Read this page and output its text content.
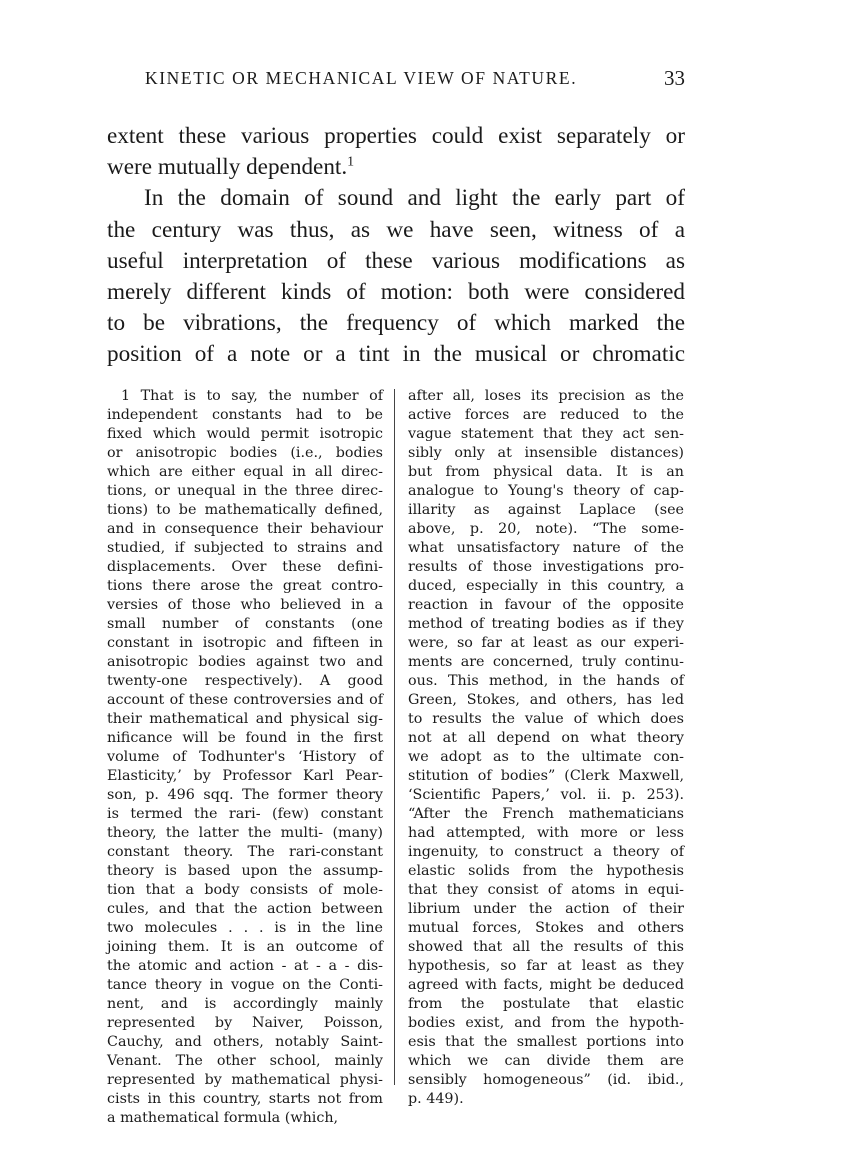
KINETIC OR MECHANICAL VIEW OF NATURE.	33
extent these various properties could exist separately or
were mutually dependent.$^1$
In the domain of sound and light the early part of
the century was thus, as we have seen, witness of a
useful interpretation of these various modifications as
merely different kinds of motion: both were considered
to be vibrations, the frequency of which marked the
position of a note or a tint in the musical or chromatic
1 That is to say, the number of
independent constants had to be
fixed which would permit isotropic
or anisotropic bodies (i.e., bodies
which are either equal in all direc-
tions, or unequal in the three direc-
tions) to be mathematically defined,
and in consequence their behaviour
studied, if subjected to strains and
displacements. Over these defini-
tions there arose the great contro-
versies of those who believed in a
small number of constants (one
constant in isotropic and fifteen in
anisotropic bodies against two and
twenty-one respectively). A good
account of these controversies and of
their mathematical and physical sig-
nificance will be found in the first
volume of Todhunter's ‘History of
Elasticity,’ by Professor Karl Pear-
son, p. 496 sqq. The former theory
is termed the rari- (few) constant
theory, the latter the multi- (many)
constant theory. The rari-constant
theory is based upon the assump-
tion that a body consists of mole-
cules, and that the action between
two molecules . . . is in the line
joining them. It is an outcome of
the atomic and action - at - a - dis-
tance theory in vogue on the Conti-
nent, and is accordingly mainly
represented by Naiver, Poisson,
Cauchy, and others, notably Saint-
Venant. The other school, mainly
represented by mathematical physi-
cists in this country, starts not from
a mathematical formula (which,
after all, loses its precision as the
active forces are reduced to the
vague statement that they act sen-
sibly only at insensible distances)
but from physical data. It is an
analogue to Young's theory of cap-
illarity as against Laplace (see
above, p. 20, note). “The some-
what unsatisfactory nature of the
results of those investigations pro-
duced, especially in this country, a
reaction in favour of the opposite
method of treating bodies as if they
were, so far at least as our experi-
ments are concerned, truly continu-
ous. This method, in the hands of
Green, Stokes, and others, has led
to results the value of which does
not at all depend on what theory
we adopt as to the ultimate con-
stitution of bodies” (Clerk Maxwell,
‘Scientific Papers,’ vol. ii. p. 253).
“After the French mathematicians
had attempted, with more or less
ingenuity, to construct a theory of
elastic solids from the hypothesis
that they consist of atoms in equi-
librium under the action of their
mutual forces, Stokes and others
showed that all the results of this
hypothesis, so far at least as they
agreed with facts, might be deduced
from the postulate that elastic
bodies exist, and from the hypoth-
esis that the smallest portions into
which we can divide them are
sensibly homogeneous” (id. ibid.,
p. 449).
